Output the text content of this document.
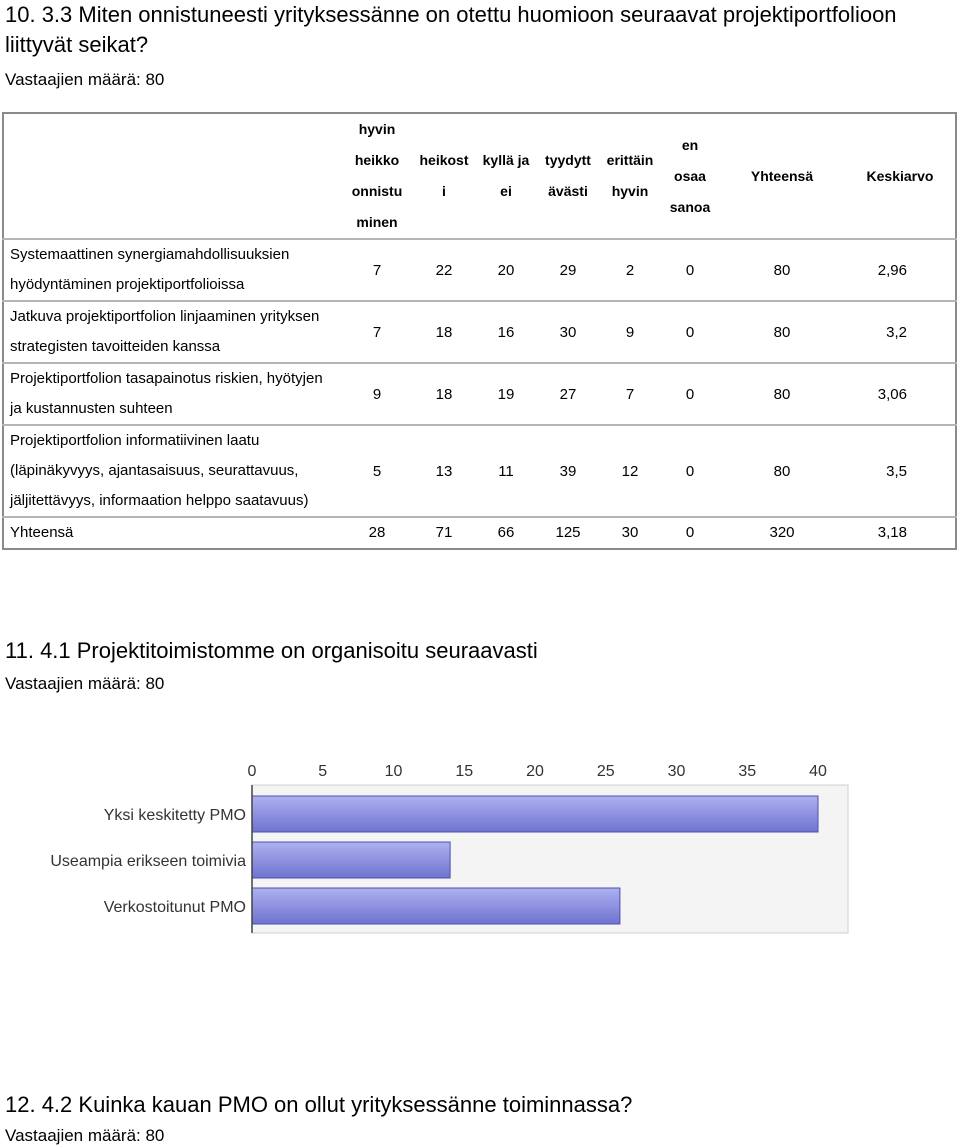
10. 3.3 Miten onnistuneesti yrityksessänne on otettu huomioon seuraavat projektiportfolioon liittyvät seikat?
Vastaajien määrä: 80

	hyvin
heikko
onnistu
minen	heikost
i	kyllä ja
ei	tyydytt
ävästi	erittäin
hyvin	en
osaa
sanoa	Yhteensä	Keskiarvo

Systemaattinen synergiamahdollisuuksien
hyödyntäminen projektiportfolioissa	7	22	20	29	2	0	80	2,96

Jatkuva projektiportfolion linjaaminen yrityksen
strategisten tavoitteiden kanssa	7	18	16	30	9	0	80	3,2

Projektiportfolion tasapainotus riskien, hyötyjen
ja kustannusten suhteen	9	18	19	27	7	0	80	3,06

Projektiportfolion informatiivinen laatu
(läpinäkyvyys, ajantasaisuus, seurattavuus,
jäljitettävyys, informaation helppo saatavuus)	5	13	11	39	12	0	80	3,5
Yhteensä	28	71	66	125	30	0	320	3,18
11. 4.1 Projektitoimistomme on organisoitu seuraavasti
Vastaajien määrä: 80
0	5	10	15	20	25	30	35	40
Yksi keskitetty PMO
Useampia erikseen toimivia
Verkostoitunut PMO
12. 4.2 Kuinka kauan PMO on ollut yrityksessänne toiminnassa?
Vastaajien määrä: 80
